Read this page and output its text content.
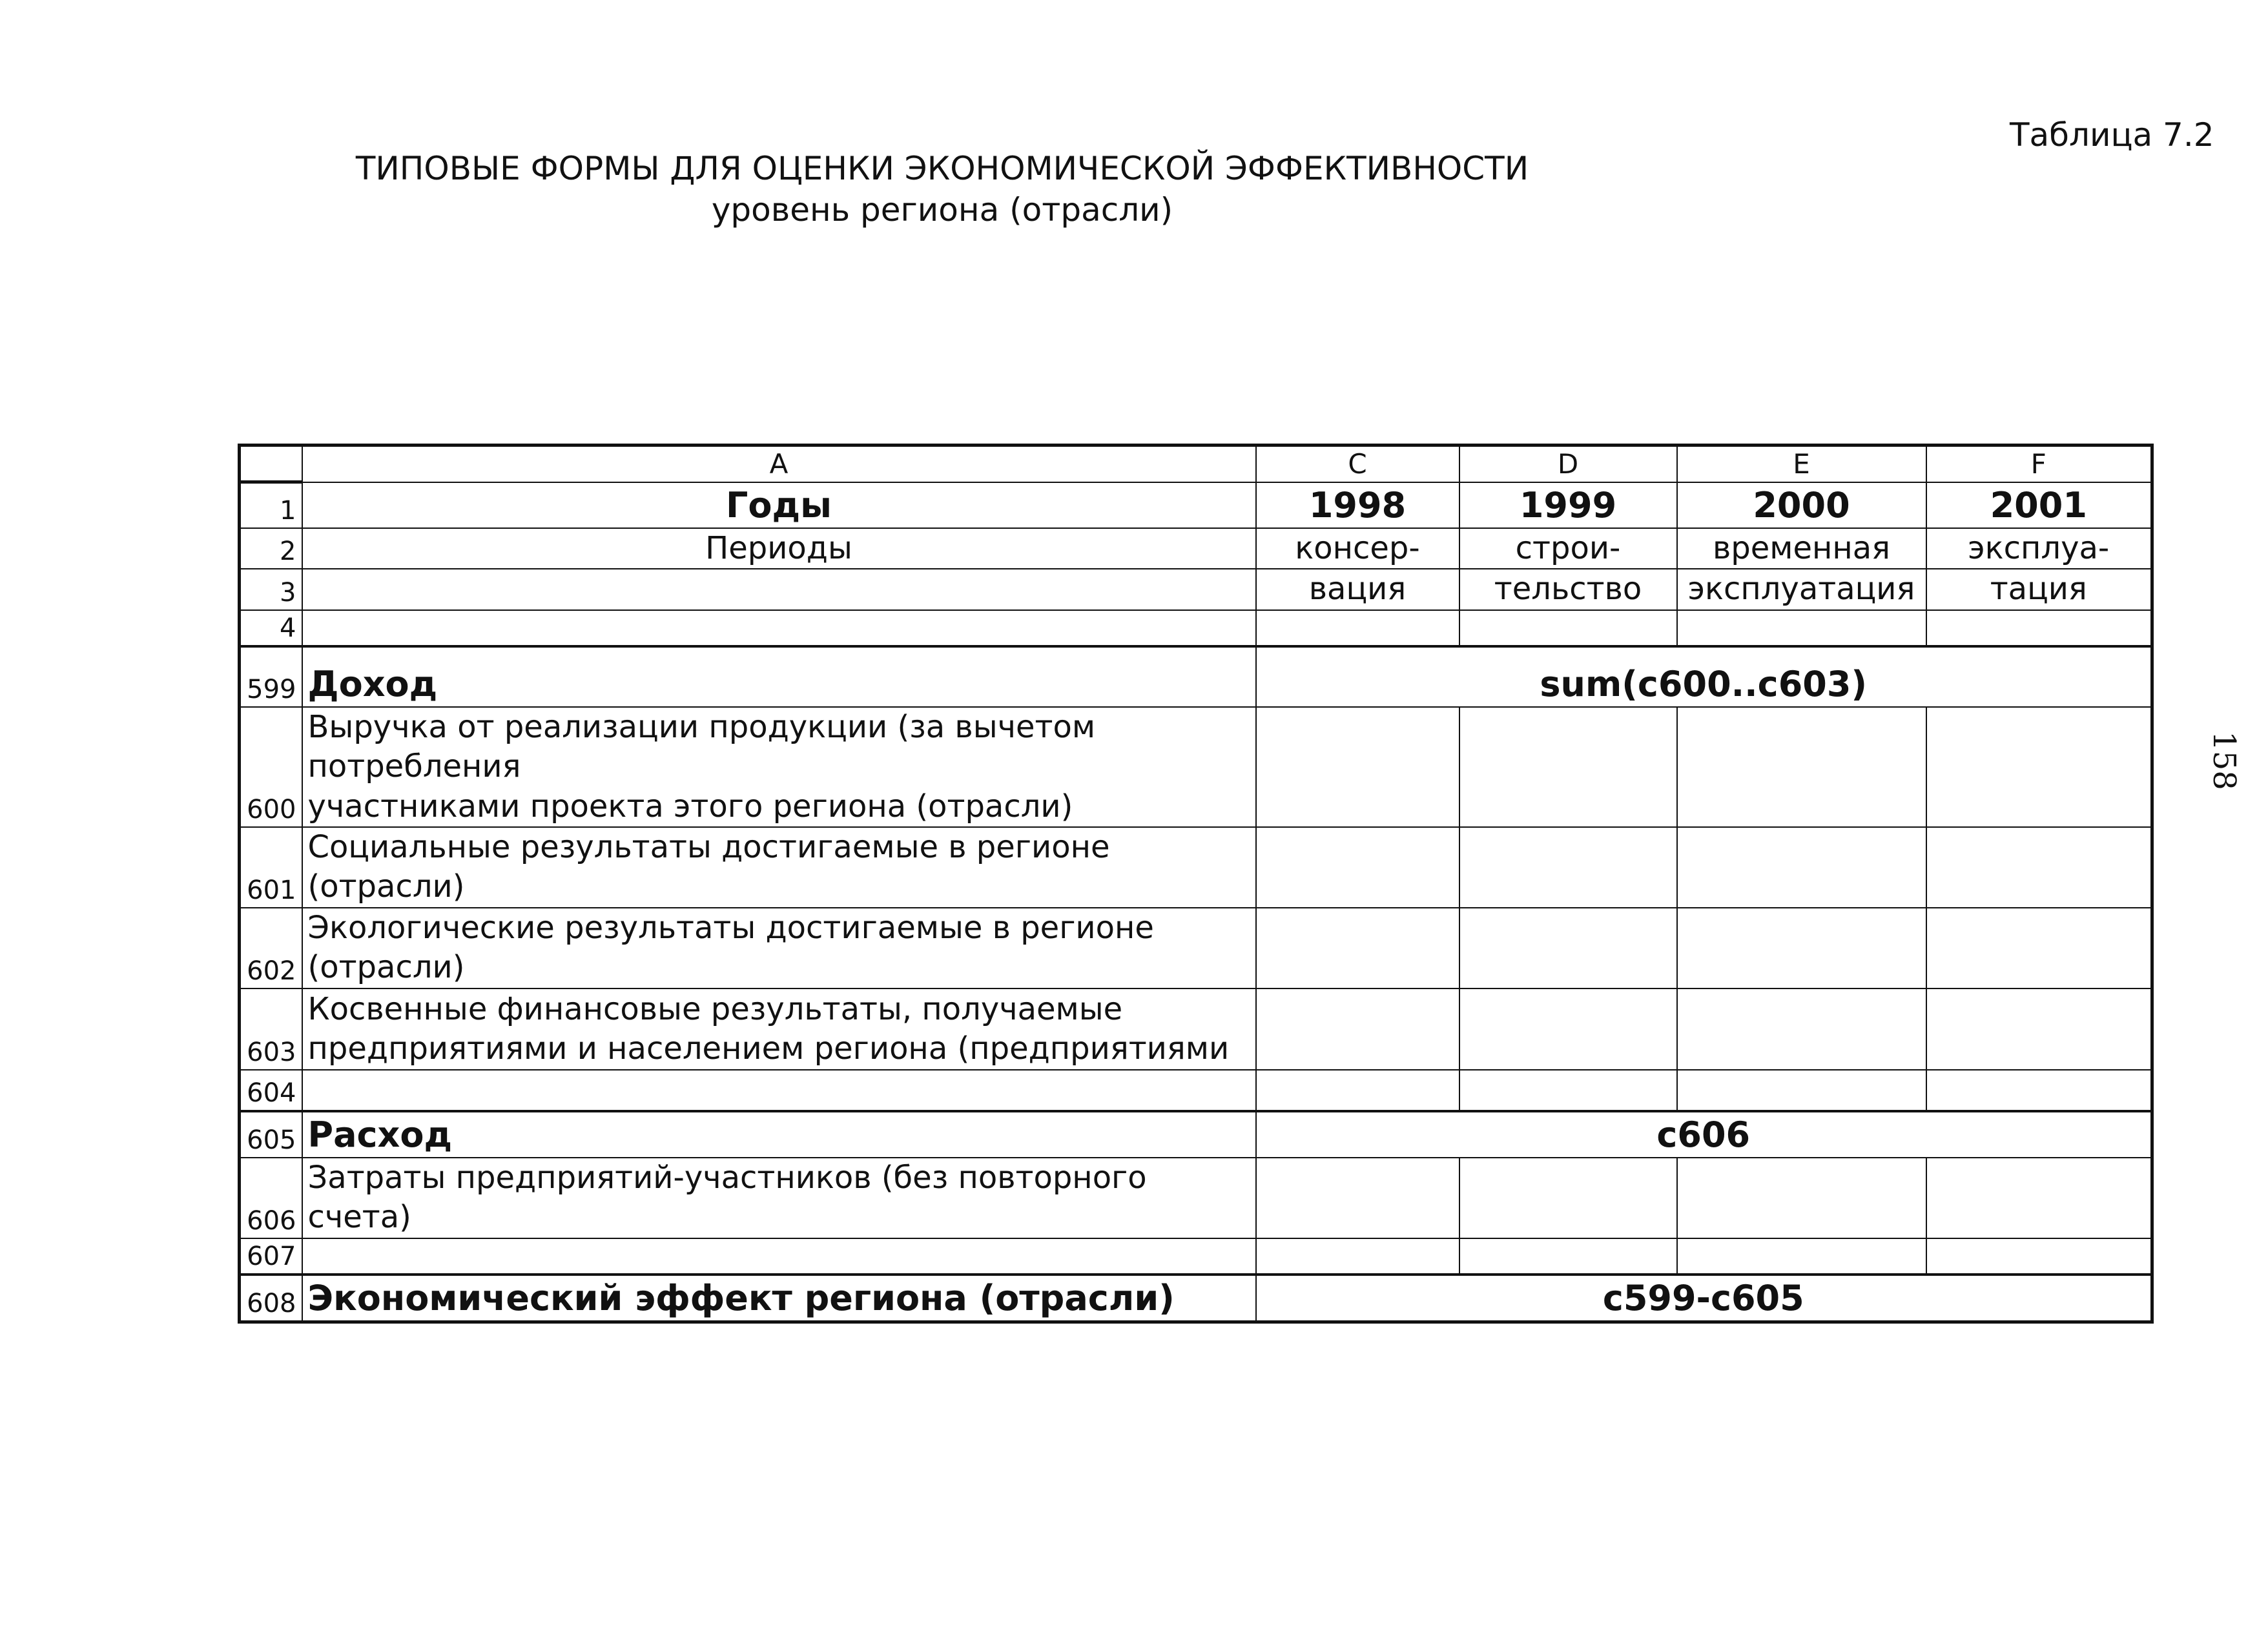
Таблица 7.2
ТИПОВЫЕ ФОРМЫ ДЛЯ ОЦЕНКИ ЭКОНОМИЧЕСКОЙ ЭФФЕКТИВНОСТИ
уровень региона (отрасли)
158
	A	C	D	E	F
1	Годы	1998	1999	2000	2001
2	Периоды	консер-	строи-	временная	эксплуа-
3		вация	тельство	эксплуатация	тация
4					
599	Доход	sum(c600..c603)			
600	Выручка от реализации продукции (за вычетом потребления
участниками проекта этого региона (отрасли)				
601	Социальные результаты достигаемые в регионе (отрасли)				
602	Экологические результаты достигаемые в регионе (отрасли)				
603	Косвенные финансовые результаты, получаемые
предприятиями и населением региона (предприятиями				
604					
605	Расход	c606			
606	Затраты предприятий-участников (без повторного счета)				
607					
608	Экономический эффект региона (отрасли)	c599-c605			
